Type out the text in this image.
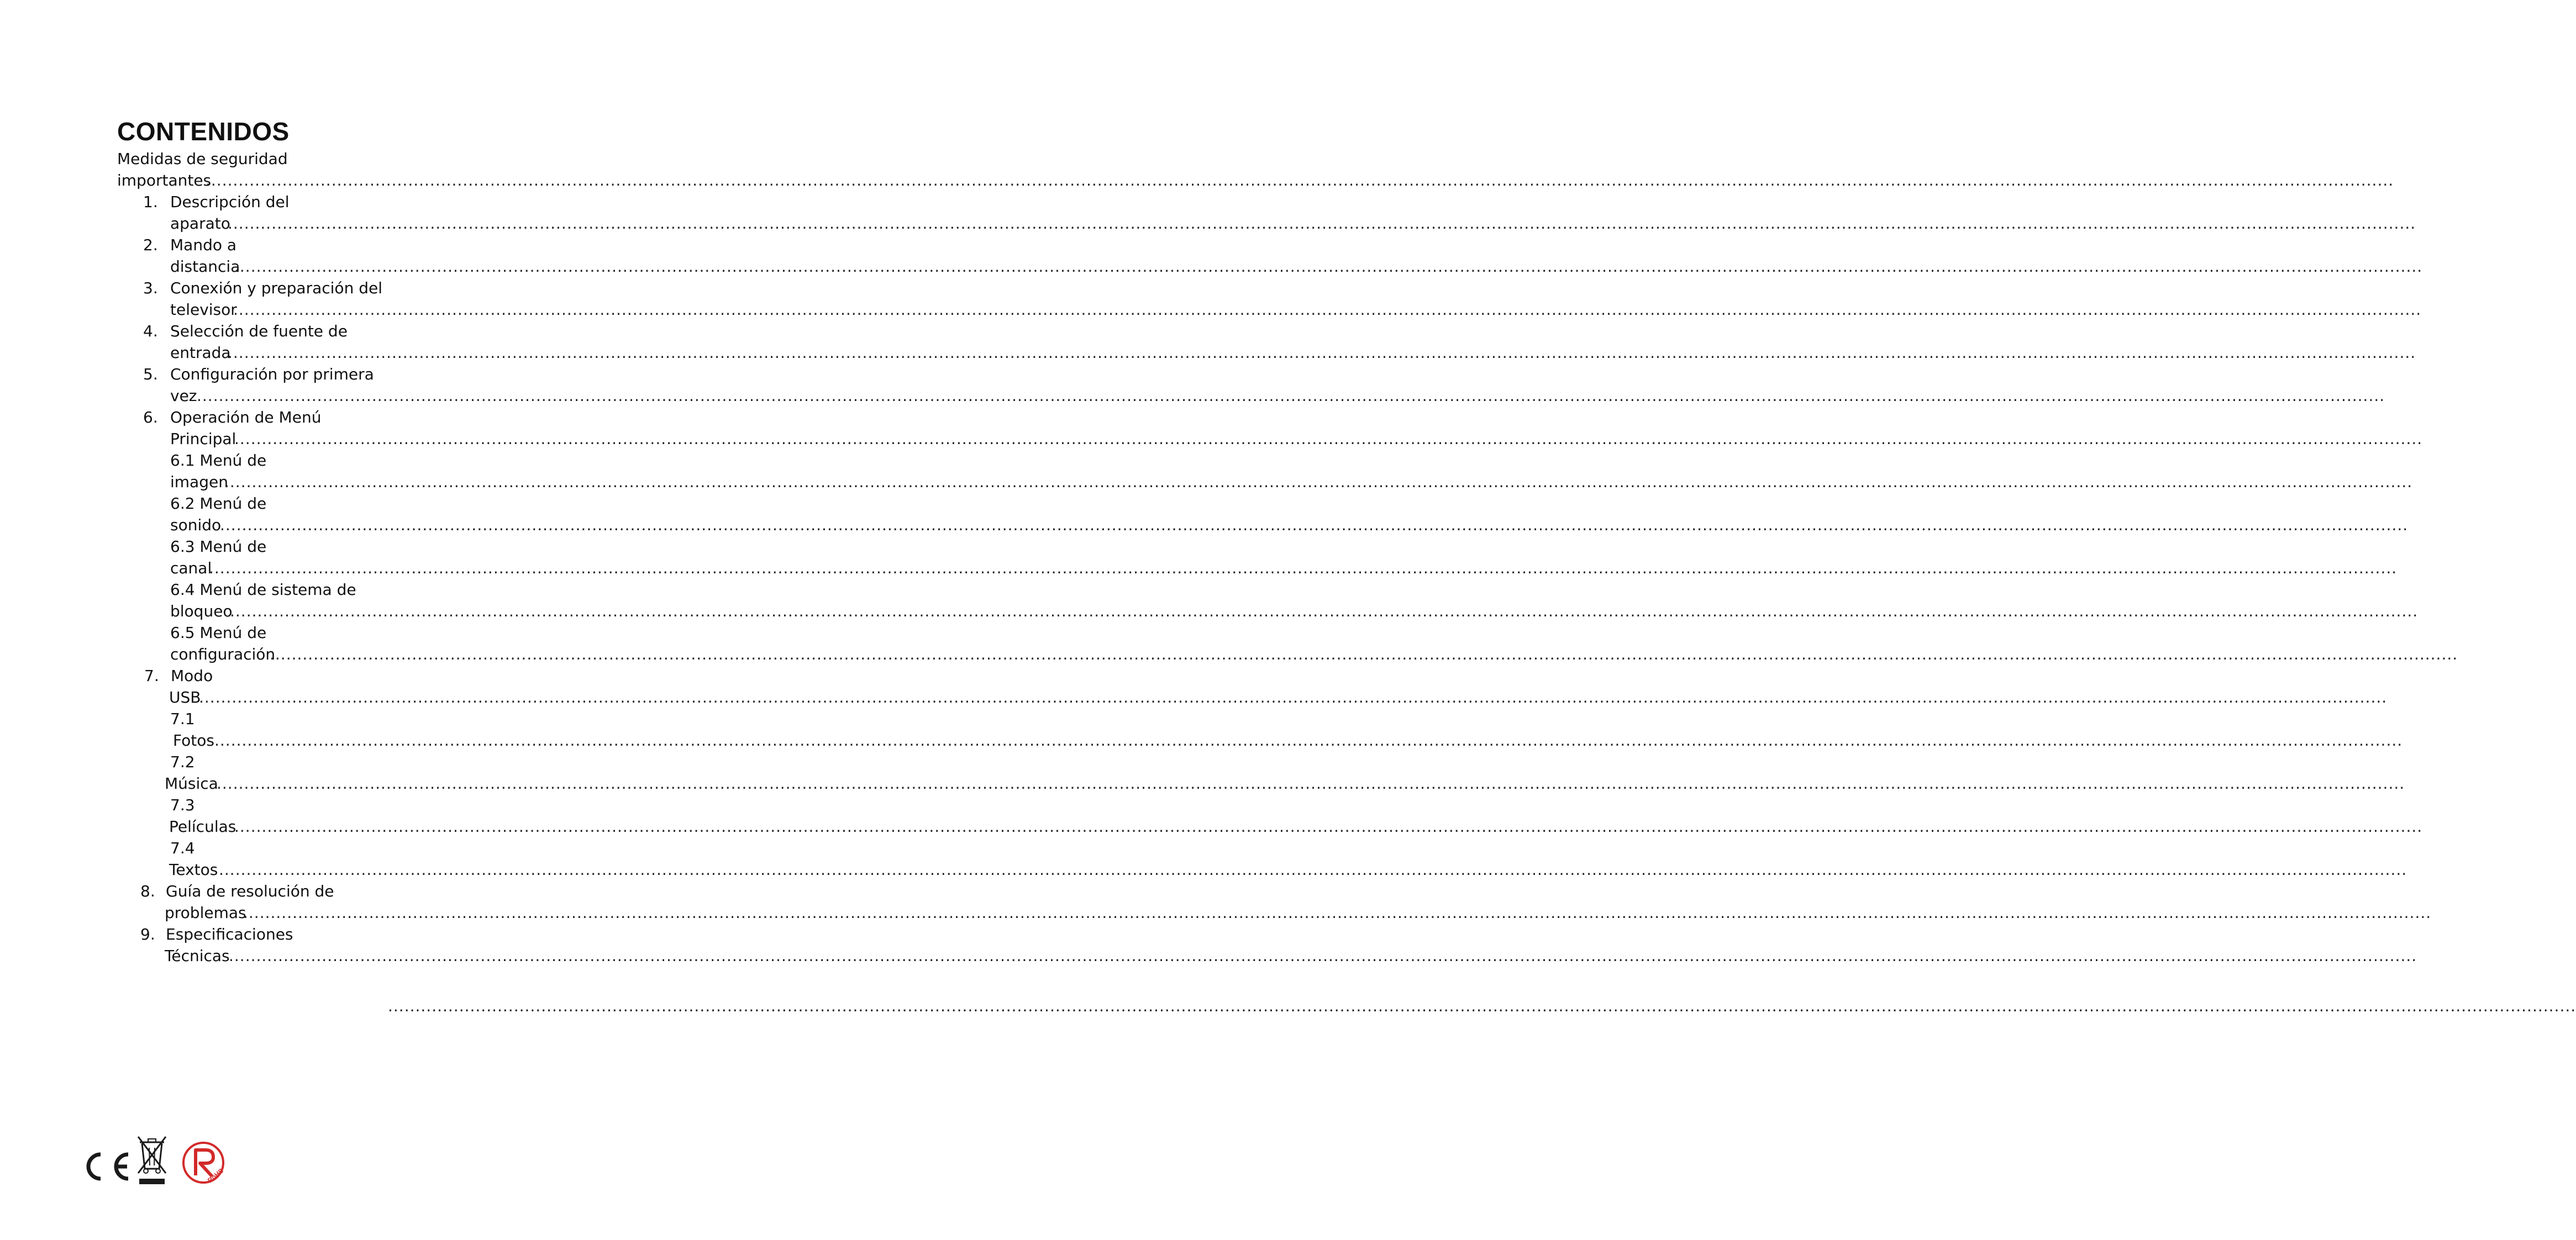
CONTENIDOS
Medidas de seguridad
importantes
................................................................................................................................................................................................................................................................................................................................................................................................................
1. Descripción del
aparato
................................................................................................................................................................................................................................................................................................................................................................................................................
2. Mando a
distancia
................................................................................................................................................................................................................................................................................................................................................................................................................
3. Conexión y preparación del
televisor
................................................................................................................................................................................................................................................................................................................................................................................................................
4. Selección de fuente de
entrada
................................................................................................................................................................................................................................................................................................................................................................................................................
5. Configuración por primera
vez ................................................................................................................................................................................................................................................................................................................................................................................................................
6. Operación de Menú
Principal
................................................................................................................................................................................................................................................................................................................................................................................................................
6.1 Menú de
imagen
................................................................................................................................................................................................................................................................................................................................................................................................................
6.2 Menú de
sonido
................................................................................................................................................................................................................................................................................................................................................................................................................
6.3 Menú de
canal
................................................................................................................................................................................................................................................................................................................................................................................................................
6.4 Menú de sistema de
bloqueo
................................................................................................................................................................................................................................................................................................................................................................................................................
6.5 Menú de
configuración
................................................................................................................................................................................................................................................................................................................................................................................................................
7. Modo
USB
................................................................................................................................................................................................................................................................................................................................................................................................................
7.1
Fotos ................................................................................................................................................................................................................................................................................................................................................................................................................
7.2
Música
................................................................................................................................................................................................................................................................................................................................................................................................................
7.3
Películas
................................................................................................................................................................................................................................................................................................................................................................................................................
7.4
Textos ................................................................................................................................................................................................................................................................................................................................................................................................................
8. Guía de resolución de
problemas
................................................................................................................................................................................................................................................................................................................................................................................................................
9. Especificaciones
Técnicas
................................................................................................................................................................................................................................................................................................................................................................................................................
................................................................................................................................................................................................................................................................................................................................................................................................................
RoHS
